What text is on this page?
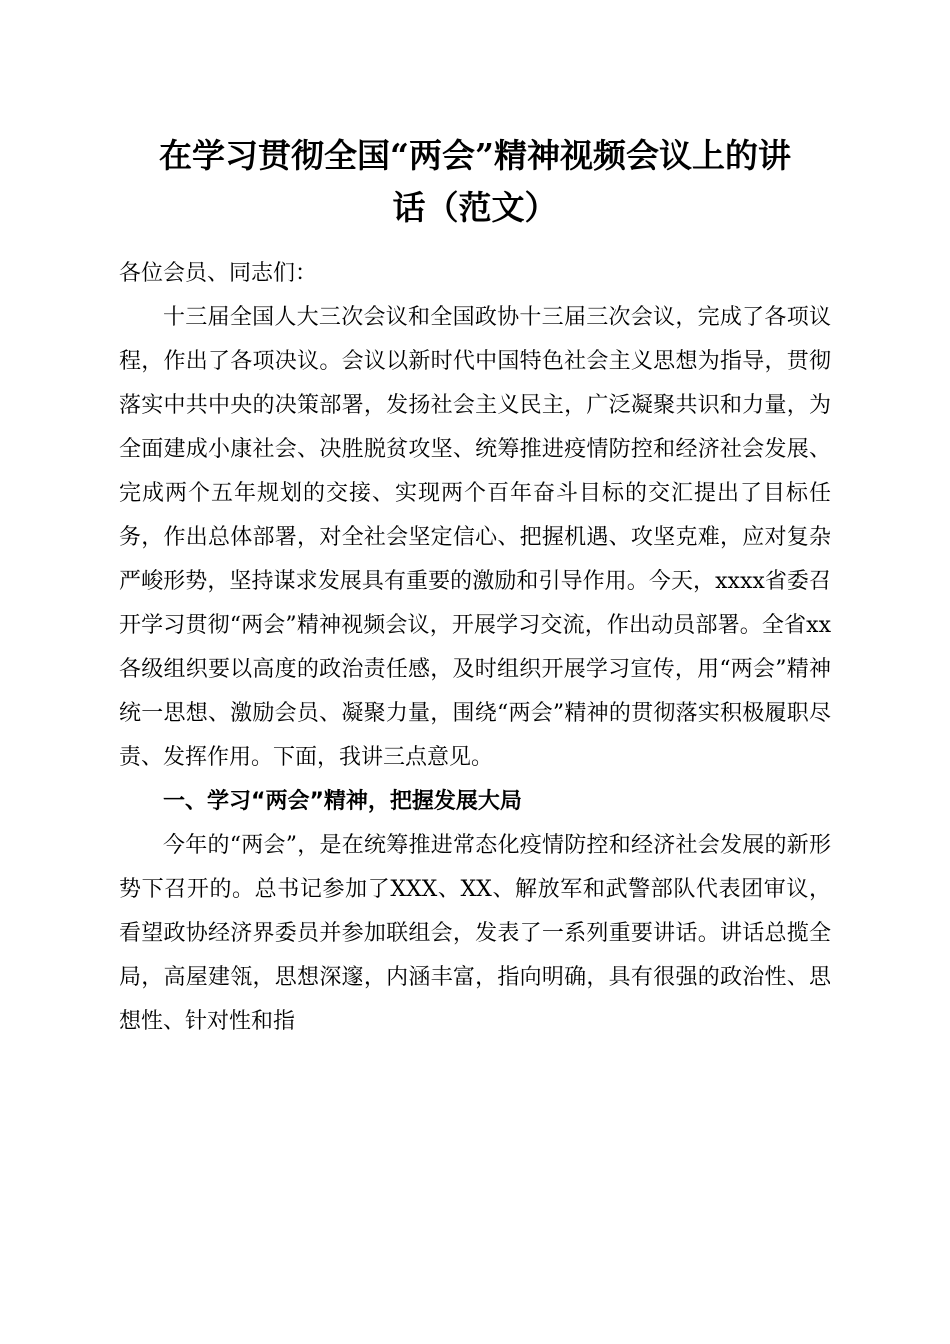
在学习贯彻全国“两会”精神视频会议上的讲
话（范文）

各位会员、同志们：

十三届全国人大三次会议和全国政协十三届三次会议，完成了各项议程，作出了各项决议。会议以新时代中国特色社会主义思想为指导，贯彻落实中共中央的决策部署，发扬社会主义民主，广泛凝聚共识和力量，为全面建成小康社会、决胜脱贫攻坚、统筹推进疫情防控和经济社会发展、完成两个五年规划的交接、实现两个百年奋斗目标的交汇提出了目标任务，作出总体部署，对全社会坚定信心、把握机遇、攻坚克难，应对复杂严峻形势，坚持谋求发展具有重要的激励和引导作用。今天，xxxx省委召开学习贯彻“两会”精神视频会议，开展学习交流，作出动员部署。全省xx各级组织要以高度的政治责任感，及时组织开展学习宣传，用“两会”精神统一思想、激励会员、凝聚力量，围绕“两会”精神的贯彻落实积极履职尽责、发挥作用。下面，我讲三点意见。

一、学习“两会”精神，把握发展大局

今年的“两会”，是在统筹推进常态化疫情防控和经济社会发展的新形势下召开的。总书记参加了XXX、XX、解放军和武警部队代表团审议，看望政协经济界委员并参加联组会，发表了一系列重要讲话。讲话总揽全局，高屋建瓴，思想深邃，内涵丰富，指向明确，具有很强的政治性、思想性、针对性和指
